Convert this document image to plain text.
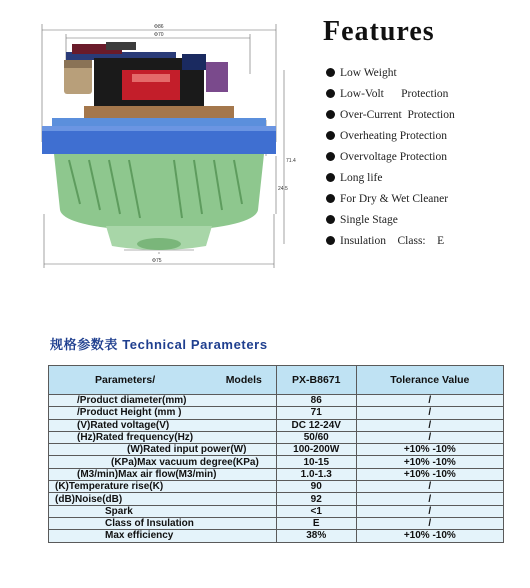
Φ86
Φ70
24.5
71.4
Φ75
Features
Low Weight
Low-Volt      Protection
Over-Current  Protection
Overheating Protection
Overvoltage Protection
Long life
For Dry & Wet Cleaner
Single Stage
Insulation    Class:    E
规格参数表 Technical Parameters
Parameters/ Models	PX-B8671	Tolerance Value
/Product diameter(mm)	86	/
/Product Height (mm )	71	/
(V)Rated voltage(V)	DC 12-24V	/
(Hz)Rated frequency(Hz)	50/60	/
(W)Rated input power(W)	100-200W	+10% -10%
(KPa)Max vacuum degree(KPa)	10-15	+10% -10%
(M3/min)Max air flow(M3/min)	1.0-1.3	+10% -10%
(K)Temperature rise(K)	90	/
(dB)Noise(dB)	92	/
Spark	<1	/
Class of Insulation	E	/
Max efficiency	38%	+10% -10%
